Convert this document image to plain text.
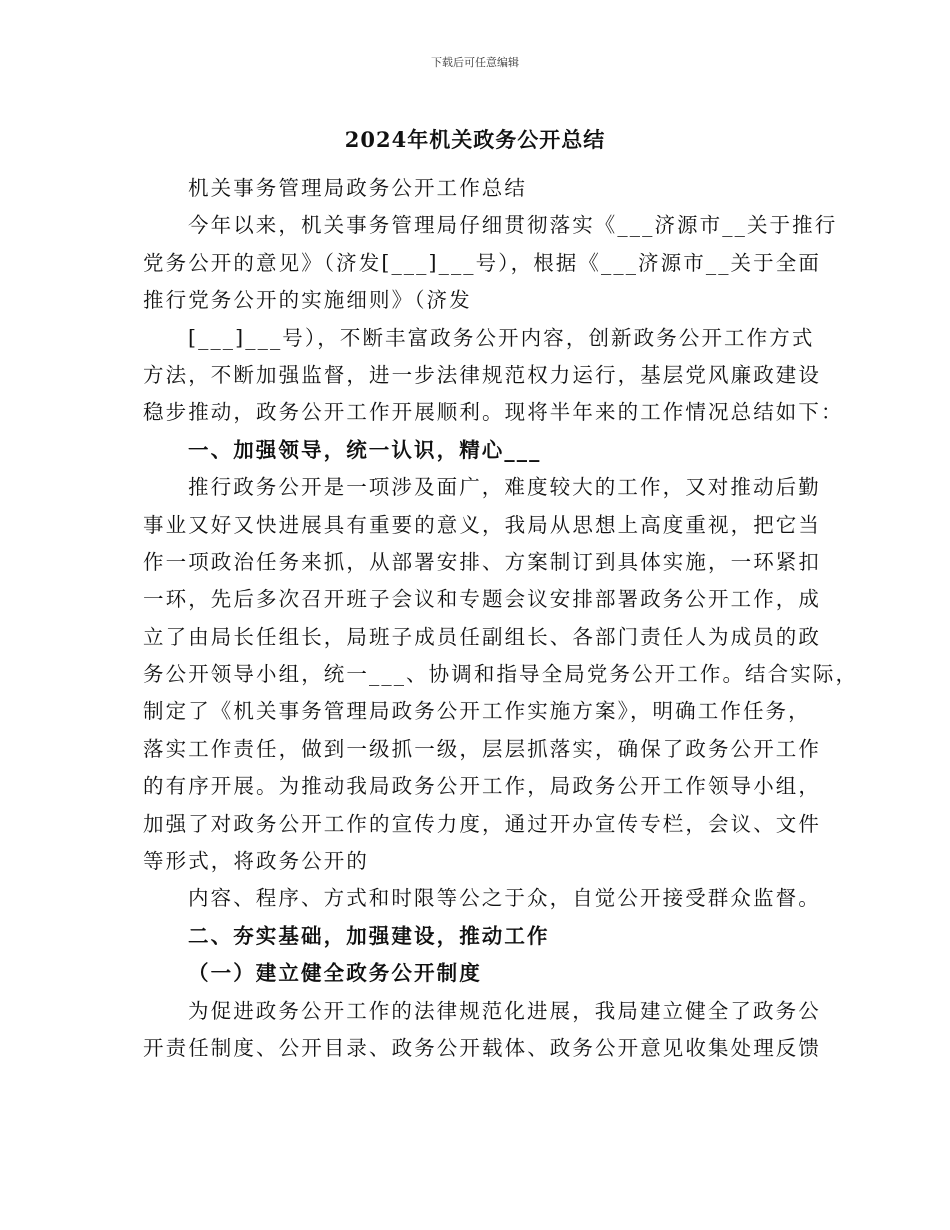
下载后可任意编辑
2024年机关政务公开总结
机关事务管理局政务公开工作总结
今年以来，机关事务管理局仔细贯彻落实《___济源市__关于推行
党务公开的意见》（济发[___]___号），根据《___济源市__关于全面
推行党务公开的实施细则》（济发
[___]___号），不断丰富政务公开内容，创新政务公开工作方式
方法，不断加强监督，进一步法律规范权力运行，基层党风廉政建设
稳步推动，政务公开工作开展顺利。现将半年来的工作情况总结如下：
一、加强领导，统一认识，精心___
推行政务公开是一项涉及面广，难度较大的工作，又对推动后勤
事业又好又快进展具有重要的意义，我局从思想上高度重视，把它当
作一项政治任务来抓，从部署安排、方案制订到具体实施，一环紧扣
一环，先后多次召开班子会议和专题会议安排部署政务公开工作，成
立了由局长任组长，局班子成员任副组长、各部门责任人为成员的政
务公开领导小组，统一___、协调和指导全局党务公开工作。结合实际，
制定了《机关事务管理局政务公开工作实施方案》，明确工作任务，
落实工作责任，做到一级抓一级，层层抓落实，确保了政务公开工作
的有序开展。为推动我局政务公开工作，局政务公开工作领导小组，
加强了对政务公开工作的宣传力度，通过开办宣传专栏，会议、文件
等形式，将政务公开的
内容、程序、方式和时限等公之于众，自觉公开接受群众监督。
二、夯实基础，加强建设，推动工作
（一）建立健全政务公开制度
为促进政务公开工作的法律规范化进展，我局建立健全了政务公
开责任制度、公开目录、政务公开载体、政务公开意见收集处理反馈
